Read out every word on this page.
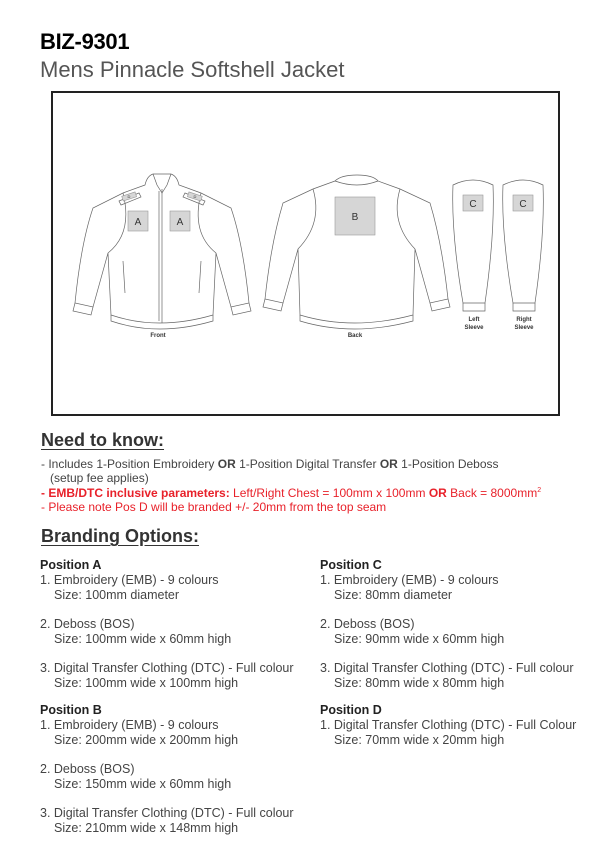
BIZ-9301
Mens Pinnacle Softshell Jacket
A	A	B
C	C
D	D
Front	Back
Left
Sleeve
Right
Sleeve
Need to know:
- Includes 1-Position Embroidery OR 1-Position Digital Transfer OR 1-Position Deboss
(setup fee applies)
- EMB/DTC inclusive parameters: Left/Right Chest = 100mm x 100mm OR Back = $8000mm^2$
- Please note Pos D will be branded +/- 20mm from the top seam
Branding Options:
Position A
1. Embroidery (EMB) - 9 colours
Size: 100mm diameter
2. Deboss (BOS)
Size: 100mm wide x 60mm high
3. Digital Transfer Clothing (DTC) - Full colour
Size: 100mm wide x 100mm high
Position B
1. Embroidery (EMB) - 9 colours
Size: 200mm wide x 200mm high
2. Deboss (BOS)
Size: 150mm wide x 60mm high
3. Digital Transfer Clothing (DTC) - Full colour
Size: 210mm wide x 148mm high
Position C
1. Embroidery (EMB) - 9 colours
Size: 80mm diameter
2. Deboss (BOS)
Size: 90mm wide x 60mm high
3. Digital Transfer Clothing (DTC) - Full colour
Size: 80mm wide x 80mm high
Position D
1. Digital Transfer Clothing (DTC) - Full Colour
Size: 70mm wide x 20mm high
